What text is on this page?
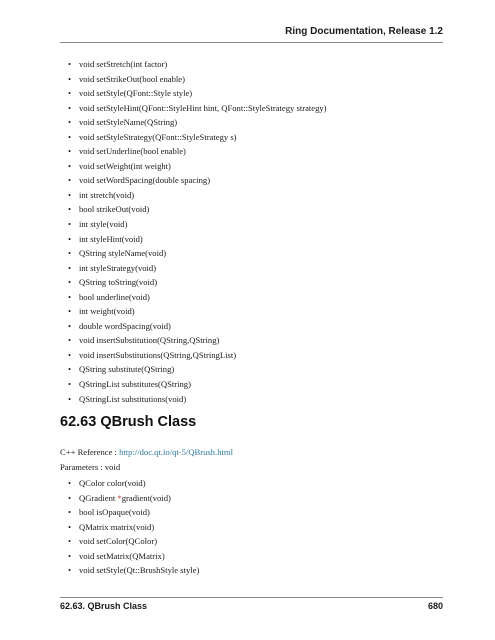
Ring Documentation, Release 1.2
• void setStretch(int factor)
• void setStrikeOut(bool enable)
• void setStyle(QFont::Style style)
• void setStyleHint(QFont::StyleHint hint, QFont::StyleStrategy strategy)
• void setStyleName(QString)
• void setStyleStrategy(QFont::StyleStrategy s)
• void setUnderline(bool enable)
• void setWeight(int weight)
• void setWordSpacing(double spacing)
• int stretch(void)
• bool strikeOut(void)
• int style(void)
• int styleHint(void)
• QString styleName(void)
• int styleStrategy(void)
• QString toString(void)
• bool underline(void)
• int weight(void)
• double wordSpacing(void)
• void insertSubstitution(QString,QString)
• void insertSubstitutions(QString,QStringList)
• QString substitute(QString)
• QStringList substitutes(QString)
• QStringList substitutions(void)
62.63 QBrush Class
C++ Reference : http://doc.qt.io/qt-5/QBrush.html
Parameters : void
• QColor color(void)
• QGradient *gradient(void)
• bool isOpaque(void)
• QMatrix matrix(void)
• void setColor(QColor)
• void setMatrix(QMatrix)
• void setStyle(Qt::BrushStyle style)
62.63. QBrush Class	680
